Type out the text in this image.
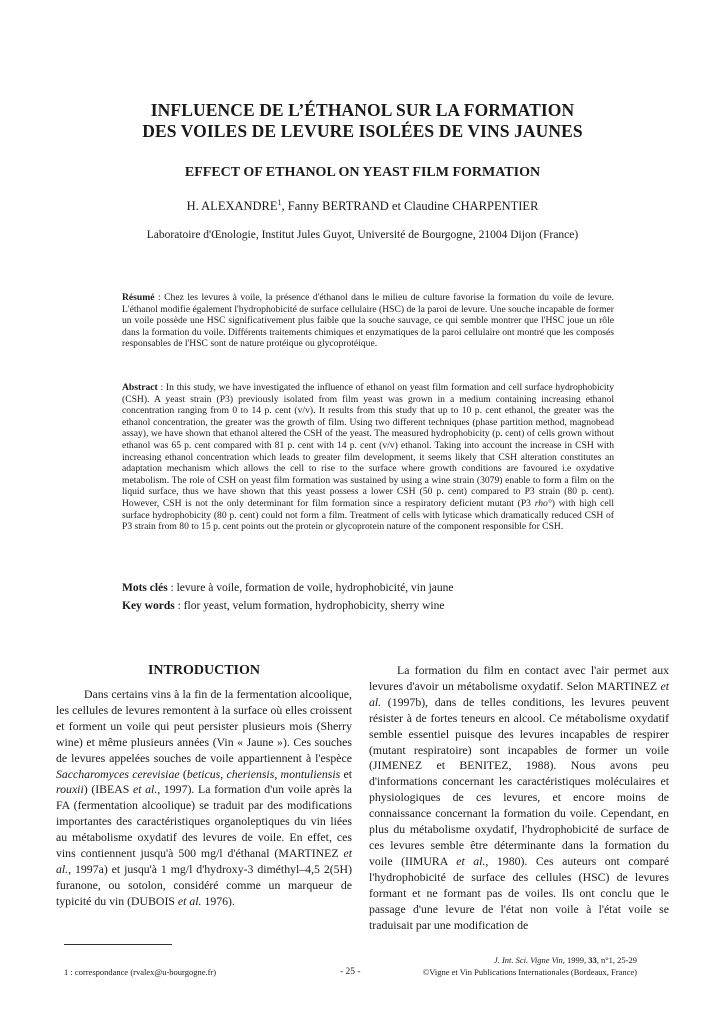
INFLUENCE DE L’ÉTHANOL SUR LA FORMATION
DES VOILES DE LEVURE ISOLÉES DE VINS JAUNES
EFFECT OF ETHANOL ON YEAST FILM FORMATION
H. ALEXANDRE$^1$, Fanny BERTRAND et Claudine CHARPENTIER
Laboratoire d'Œnologie, Institut Jules Guyot, Université de Bourgogne, 21004 Dijon (France)
Résumé : Chez les levures à voile, la présence d'éthanol dans le milieu de culture favorise la formation du voile de levure. L'éthanol modifie également l'hydrophobicité de surface cellulaire (HSC) de la paroi de levure. Une souche incapable de former un voile possède une HSC significativement plus faible que la souche sauvage, ce qui semble montrer que l'HSC joue un rôle dans la formation du voile. Différents traitements chimiques et enzymatiques de la paroi cellulaire ont montré que les composés responsables de l'HSC sont de nature protéique ou glycoprotéique.
Abstract : In this study, we have investigated the influence of ethanol on yeast film formation and cell surface hydrophobicity (CSH). A yeast strain (P3) previously isolated from film yeast was grown in a medium containing increasing ethanol concentration ranging from 0 to 14 p. cent (v/v). It results from this study that up to 10 p. cent ethanol, the greater was the ethanol concentration, the greater was the growth of film. Using two different techniques (phase partition method, magnobead assay), we have shown that ethanol altered the CSH of the yeast. The measured hydrophobicity (p. cent) of cells grown without ethanol was 65 p. cent compared with 81 p. cent with 14 p. cent (v/v) ethanol. Taking into account the increase in CSH with increasing ethanol concentration which leads to greater film development, it seems likely that CSH alteration constitutes an adaptation mechanism which allows the cell to rise to the surface where growth conditions are favoured i.e oxydative metabolism. The role of CSH on yeast film formation was sustained by using a wine strain (3079) enable to form a film on the liquid surface, thus we have shown that this yeast possess a lower CSH (50 p. cent) compared to P3 strain (80 p. cent). However, CSH is not the only determinant for film formation since a respiratory deficient mutant (P3 rho°) with high cell surface hydrophobicity (80 p. cent) could not form a film. Treatment of cells with lyticase which dramatically reduced CSH of P3 strain from 80 to 15 p. cent points out the protein or glycoprotein nature of the component responsible for CSH.
Mots clés : levure à voile, formation de voile, hydrophobicité, vin jaune
Key words : flor yeast, velum formation, hydrophobicity, sherry wine
INTRODUCTION

Dans certains vins à la fin de la fermentation alcoolique, les cellules de levures remontent à la surface où elles croissent et forment un voile qui peut persister plusieurs mois (Sherry wine) et même plusieurs années (Vin « Jaune »). Ces souches de levures appelées souches de voile appartiennent à l'espèce Saccharomyces cerevisiae (beticus, cheriensis, montuliensis et rouxii) (IBEAS et al., 1997). La formation d'un voile après la FA (fermentation alcoolique) se traduit par des modifications importantes des caractéristiques organoleptiques du vin liées au métabolisme oxydatif des levures de voile. En effet, ces vins contiennent jusqu'à 500 mg/l d'éthanal (MARTINEZ et al., 1997a) et jusqu'à 1 mg/l d'hydroxy-3 diméthyl–4,5 2(5H) furanone, ou sotolon, considéré comme un marqueur de typicité du vin (DUBOIS et al. 1976).

La formation du film en contact avec l'air permet aux levures d'avoir un métabolisme oxydatif. Selon MARTINEZ et al. (1997b), dans de telles conditions, les levures peuvent résister à de fortes teneurs en alcool. Ce métabolisme oxydatif semble essentiel puisque des levures incapables de respirer (mutant respiratoire) sont incapables de former un voile (JIMENEZ et BENITEZ, 1988). Nous avons peu d'informations concernant les caractéristiques moléculaires et physiologiques de ces levures, et encore moins de connaissance concernant la formation du voile. Cependant, en plus du métabolisme oxydatif, l'hydrophobicité de surface de ces levures semble être déterminante dans la formation du voile (IIMURA et al., 1980). Ces auteurs ont comparé l'hydrophobicité de surface des cellules (HSC) de levures formant et ne formant pas de voiles. Ils ont conclu que le passage d'une levure de l'état non voile à l'état voile se traduisait par une modification de

1 : correspondance (rvalex@u-bourgogne.fr)	- 25 -
J. Int. Sci. Vigne Vin, 1999, 33, n°1, 25-29
©Vigne et Vin Publications Internationales (Bordeaux, France)
